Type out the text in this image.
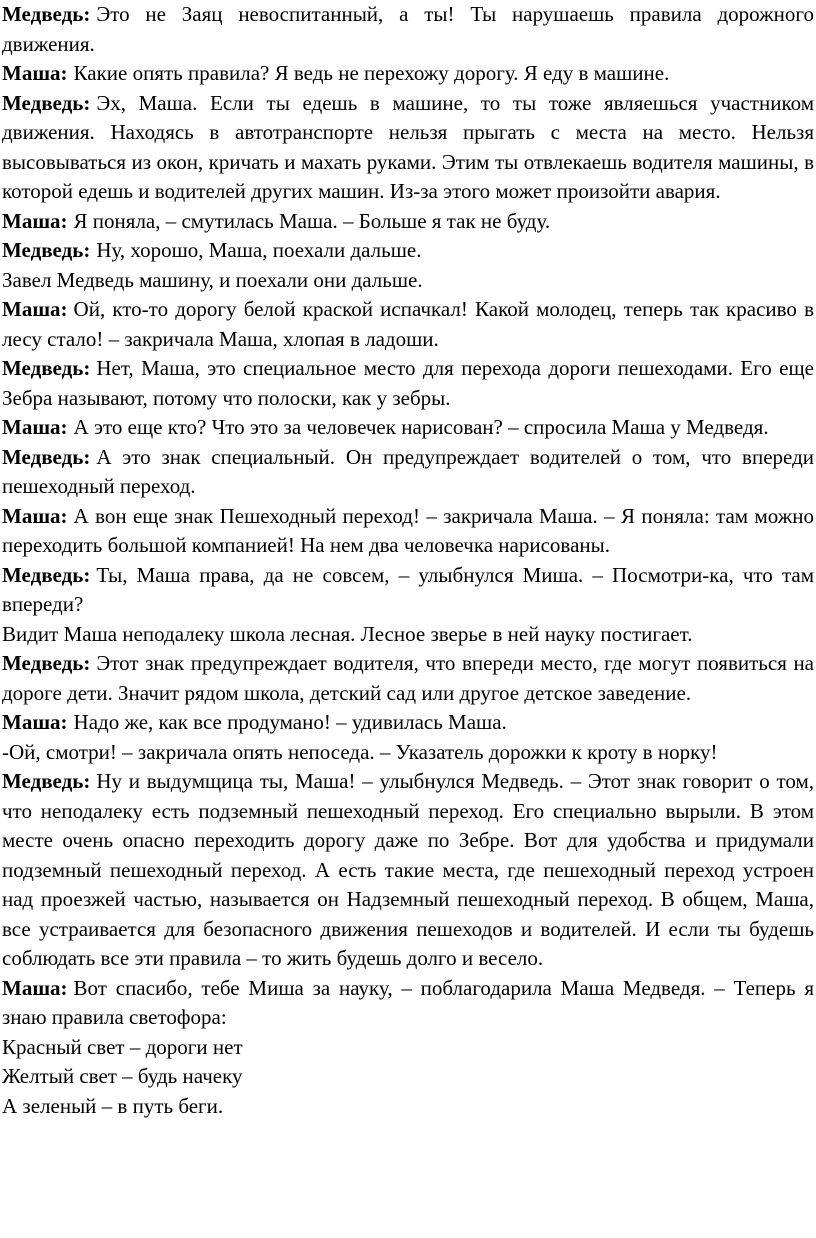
Медведь: Это не Заяц невоспитанный, а ты! Ты нарушаешь правила дорожного движения.

Маша: Какие опять правила? Я ведь не перехожу дорогу. Я еду в машине.

Медведь: Эх, Маша. Если ты едешь в машине, то ты тоже являешься участником движения. Находясь в автотранспорте нельзя прыгать с места на место. Нельзя высовываться из окон, кричать и махать руками. Этим ты отвлекаешь водителя машины, в которой едешь и водителей других машин. Из-за этого может произойти авария.

Маша: Я поняла, – смутилась Маша. – Больше я так не буду.

Медведь: Ну, хорошо, Маша, поехали дальше.

Завел Медведь машину, и поехали они дальше.

Маша: Ой, кто-то дорогу белой краской испачкал! Какой молодец, теперь так красиво в лесу стало! – закричала Маша, хлопая в ладоши.

Медведь: Нет, Маша, это специальное место для перехода дороги пешеходами. Его еще Зебра называют, потому что полоски, как у зебры.

Маша: А это еще кто? Что это за человечек нарисован? – спросила Маша у Медведя.

Медведь: А это знак специальный. Он предупреждает водителей о том, что впереди пешеходный переход.

Маша: А вон еще знак Пешеходный переход! – закричала Маша. – Я поняла: там можно переходить большой компанией! На нем два человечка нарисованы.

Медведь: Ты, Маша права, да не совсем, – улыбнулся Миша. – Посмотри-ка, что там впереди?

Видит Маша неподалеку школа лесная. Лесное зверье в ней науку постигает.

Медведь: Этот знак предупреждает водителя, что впереди место, где могут появиться на дороге дети. Значит рядом школа, детский сад или другое детское заведение.

Маша: Надо же, как все продумано! – удивилась Маша.

-Ой, смотри! – закричала опять непоседа. – Указатель дорожки к кроту в норку!

Медведь: Ну и выдумщица ты, Маша! – улыбнулся Медведь. – Этот знак говорит о том, что неподалеку есть подземный пешеходный переход. Его специально вырыли. В этом месте очень опасно переходить дорогу даже по Зебре. Вот для удобства и придумали подземный пешеходный переход. А есть такие места, где пешеходный переход устроен над проезжей частью, называется он Надземный пешеходный переход. В общем, Маша, все устраивается для безопасного движения пешеходов и водителей. И если ты будешь соблюдать все эти правила – то жить будешь долго и весело.

Маша: Вот спасибо, тебе Миша за науку, – поблагодарила Маша Медведя. – Теперь я знаю правила светофора:

Красный свет – дороги нет

Желтый свет – будь начеку

А зеленый – в путь беги.
